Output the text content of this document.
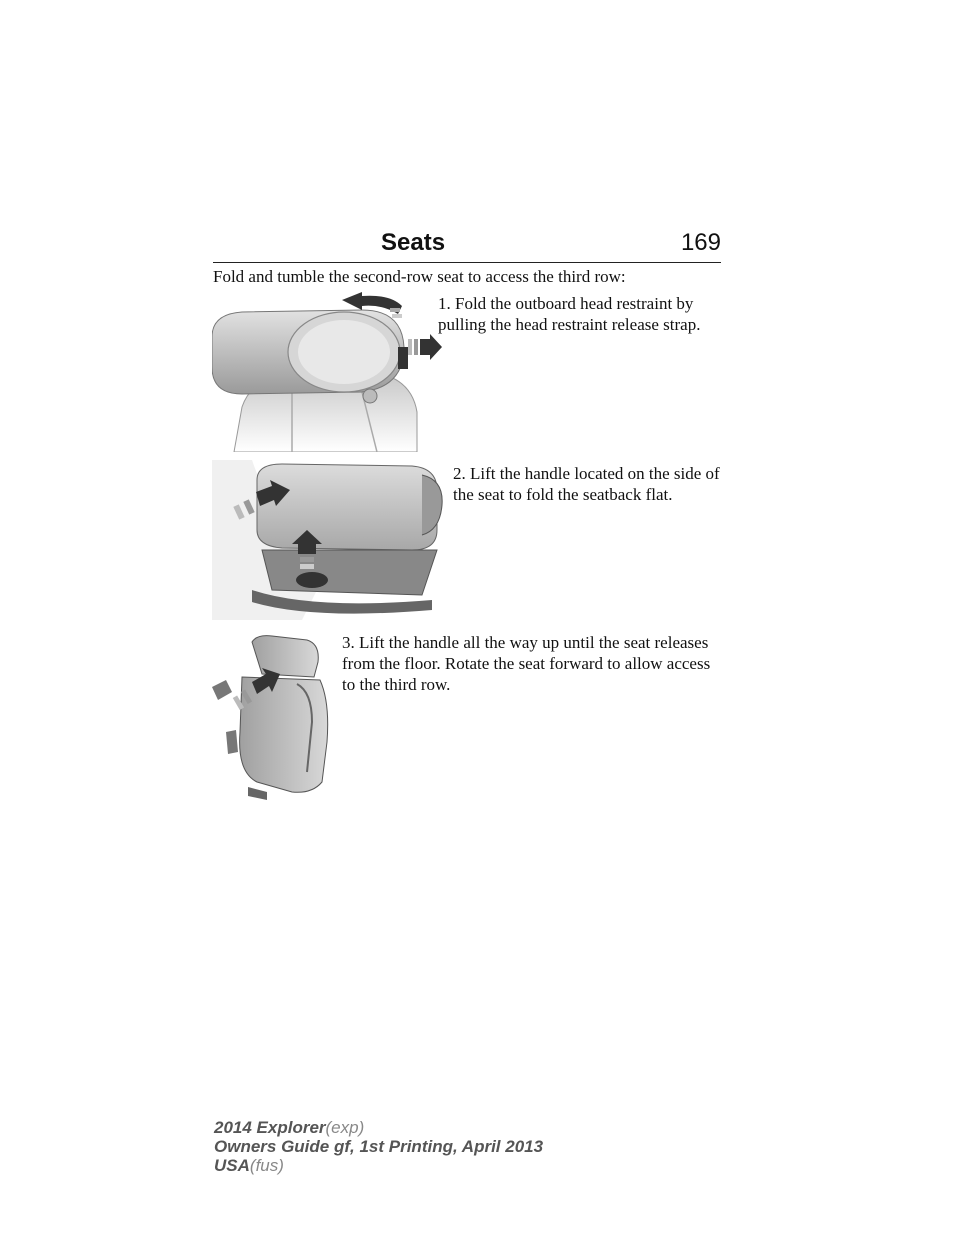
Seats	169
Fold and tumble the second-row seat to access the third row:
1. Fold the outboard head restraint by pulling the head restraint release strap.
2. Lift the handle located on the side of the seat to fold the seatback flat.
3. Lift the handle all the way up until the seat releases from the floor. Rotate the seat forward to allow access to the third row.
2014 Explorer(exp)
Owners Guide gf, 1st Printing, April 2013
USA(fus)
